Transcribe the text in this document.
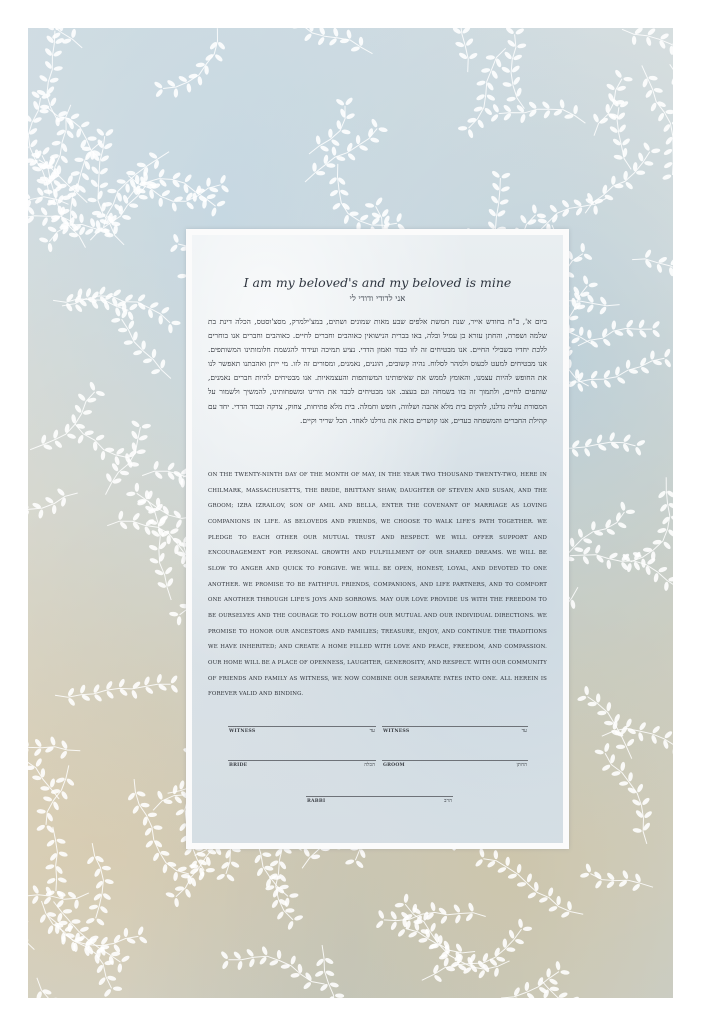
I am my beloved's and my beloved is mine
אני לדודי ודודי לי
ביום א', כ"ח בחודש אייר, שנת חמשת אלפים שבע מאות שמונים ושתים, במצ'ילמרק, מסצ'וסטס, הכלה דינת בת שלמה ושפרה, והחתן עזרא בן עמיל ובלה, באו בברית הנישואין כאוהבים וחברים לחיים. כאוהבים וחברים אנו בוחרים ללכת יחדיו בשבילי החיים. אנו מבטיחים זה לזו כבוד ואמון הדדי. נציע תמיכה ועידוד להגשמת חלומותינו המשותפים. אנו מבטיחים למעט לכעוס ולמהר לסלוח. נהיה קשובים, הוגנים, נאמנים, ומסורים זה לזו. מי ייתן ואהבתנו תאפשר לנו את החופש להיות עצמנו, והאומץ לממש את שאיפותינו המשותפות והעצמאיות. אנו מבטיחים להיות חברים נאמנים, שותפים לחיים, ולתמוך זה בזו בשמחה וגם בעצב. אנו מבטיחים לכבד את הורינו ומשפחותינו, להמשיך ולשמור על המסורת עליה גדלנו, להקים בית מלא אהבה ושלווה, חופש וחמלה. בית מלא פתיחות, צחוק, צדקה וכבוד הדדי. יחד עם קהילת החברים והמשפחה כעדים, אנו קושרים בזאת את גורלנו לאחד. הכל שריר וקיים.
ON THE TWENTY-NINTH DAY OF THE MONTH OF MAY, IN THE YEAR TWO THOUSAND TWENTY-TWO, HERE IN CHILMARK, MASSACHUSETTS, THE BRIDE, BRITTANY SHAW, DAUGHTER OF STEVEN AND SUSAN, AND THE GROOM; IZRA IZRAILOV, SON OF AMIL AND BELLA, ENTER THE COVENANT OF MARRIAGE AS LOVING COMPANIONS IN LIFE. AS BELOVEDS AND FRIENDS, WE CHOOSE TO WALK LIFE'S PATH TOGETHER. WE PLEDGE TO EACH OTHER OUR MUTUAL TRUST AND RESPECT. WE WILL OFFER SUPPORT AND ENCOURAGEMENT FOR PERSONAL GROWTH AND FULFILLMENT OF OUR SHARED DREAMS. WE WILL BE SLOW TO ANGER AND QUICK TO FORGIVE. WE WILL BE OPEN, HONEST, LOYAL, AND DEVOTED TO ONE ANOTHER. WE PROMISE TO BE FAITHFUL FRIENDS, COMPANIONS, AND LIFE PARTNERS, AND TO COMFORT ONE ANOTHER THROUGH LIFE'S JOYS AND SORROWS. MAY OUR LOVE PROVIDE US WITH THE FREEDOM TO BE OURSELVES AND THE COURAGE TO FOLLOW BOTH OUR MUTUAL AND OUR INDIVIDUAL DIRECTIONS. WE PROMISE TO HONOR OUR ANCESTORS AND FAMILIES; TREASURE, ENJOY, AND CONTINUE THE TRADITIONS WE HAVE INHERITED; AND CREATE A HOME FILLED WITH LOVE AND PEACE, FREEDOM, AND COMPASSION. OUR HOME WILL BE A PLACE OF OPENNESS, LAUGHTER, GENEROSITY, AND RESPECT. WITH OUR COMMUNITY OF FRIENDS AND FAMILY AS WITNESS, WE NOW COMBINE OUR SEPARATE FATES INTO ONE. ALL HEREIN IS FOREVER VALID AND BINDING.
WITNESS	עד WITNESS	עד
BRIDE	הכלה GROOM	החתן
RABBI	הרב
